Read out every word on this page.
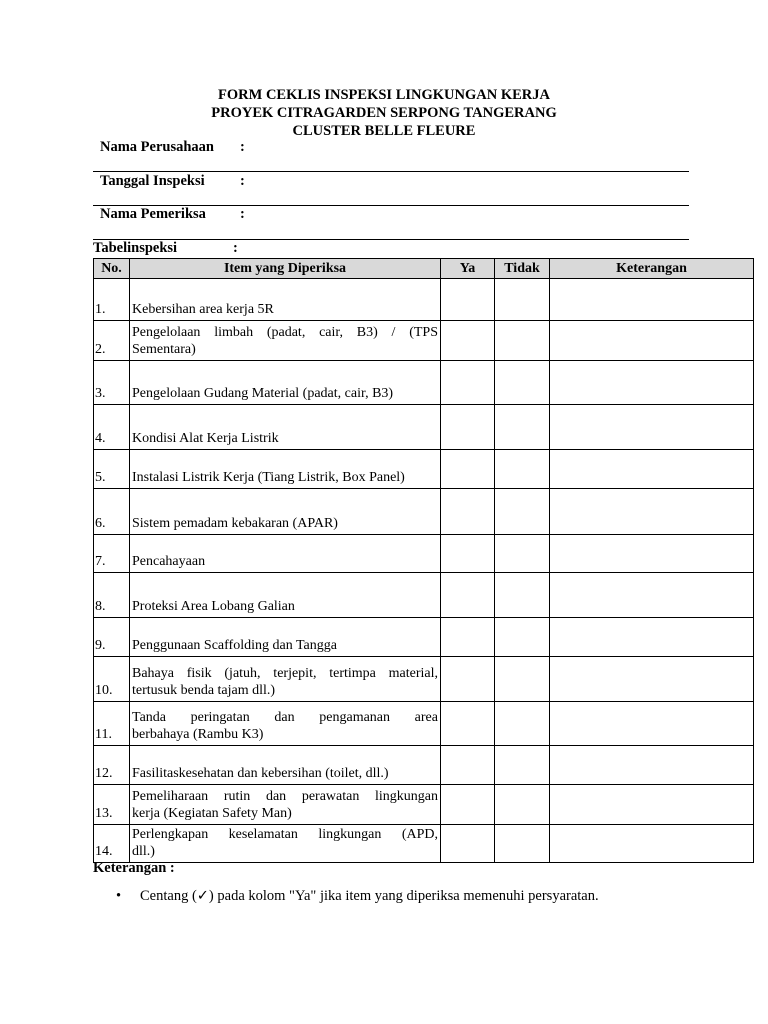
FORM CEKLIS INSPEKSI LINGKUNGAN KERJA
PROYEK CITRAGARDEN SERPONG TANGERANG
CLUSTER BELLE FLEURE
Nama Perusahaan :
Tanggal Inspeksi :
Nama Pemeriksa :
Tabelinspeksi	:
No.	Item yang Diperiksa	Ya	Tidak	Keterangan
1.	Kebersihan area kerja 5R			
2.	Pengelolaan limbah (padat, cair, B3) / (TPS
Sementara)			
3.	Pengelolaan Gudang Material (padat, cair, B3)			
4.	Kondisi Alat Kerja Listrik			
5.	Instalasi Listrik Kerja (Tiang Listrik, Box Panel)			
6.	Sistem pemadam kebakaran (APAR)			
7.	Pencahayaan			
8.	Proteksi Area Lobang Galian			
9.	Penggunaan Scaffolding dan Tangga			
10.	Bahaya fisik (jatuh, terjepit, tertimpa material,
tertusuk benda tajam dll.)			
11.	Tanda peringatan dan pengamanan area
berbahaya (Rambu K3)			
12.	Fasilitaskesehatan dan kebersihan (toilet, dll.)			
13.	Pemeliharaan rutin dan perawatan lingkungan
kerja (Kegiatan Safety Man)			
14.	Perlengkapan keselamatan lingkungan (APD,
dll.)			
Keterangan :
• Centang (✓) pada kolom "Ya" jika item yang diperiksa memenuhi persyaratan.
